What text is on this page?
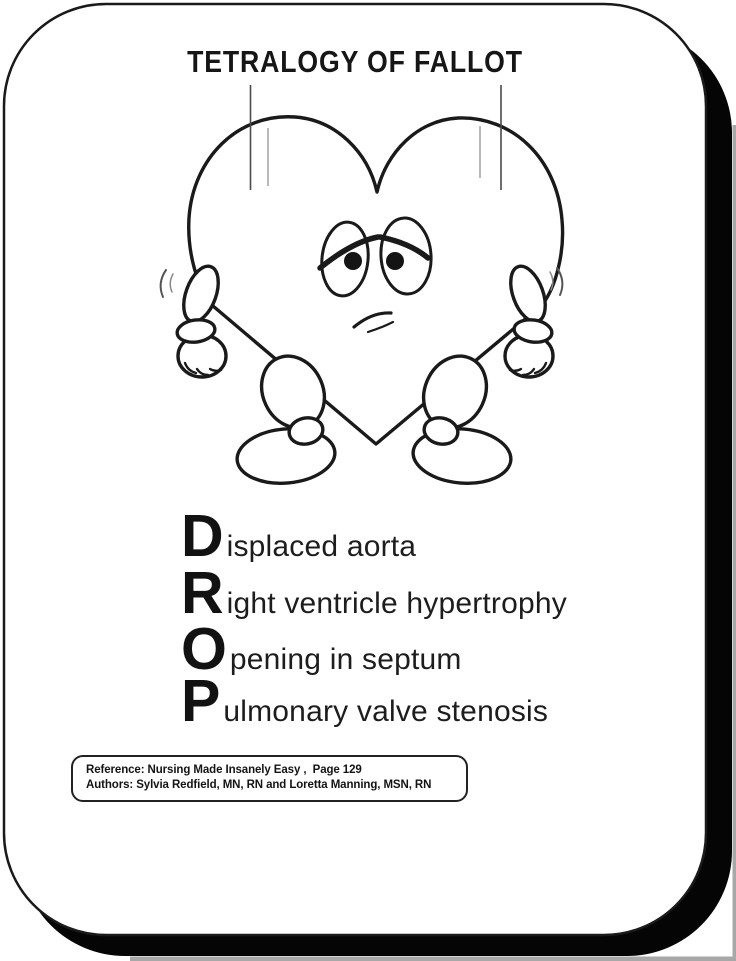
TETRALOGY OF FALLOT
D isplaced aorta
R ight ventricle hypertrophy
O pening in septum
P ulmonary valve stenosis
Reference: Nursing Made Insanely Easy ,  Page 129
Authors: Sylvia Redfield, MN, RN and Loretta Manning, MSN, RN
